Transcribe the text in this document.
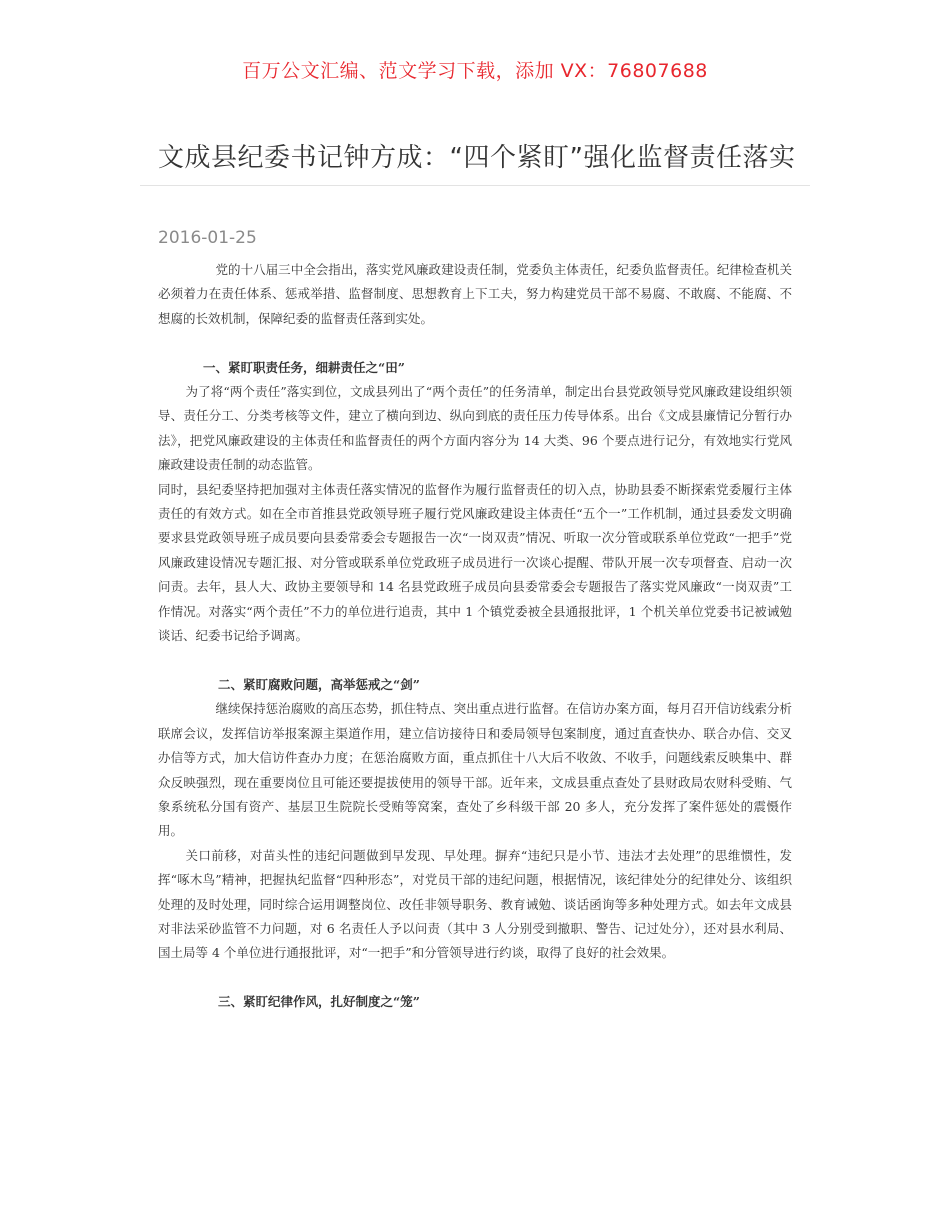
百万公文汇编、范文学习下载，添加 VX：76807688
文成县纪委书记钟方成：“四个紧盯”强化监督责任落实
2016-01-25

党的十八届三中全会指出，落实党风廉政建设责任制，党委负主体责任，纪委负监督责任。纪律检查机关必须着力在责任体系、惩戒举措、监督制度、思想教育上下工夫，努力构建党员干部不易腐、不敢腐、不能腐、不想腐的长效机制，保障纪委的监督责任落到实处。

一、紧盯职责任务，细耕责任之“田”

为了将“两个责任”落实到位，文成县列出了“两个责任”的任务清单，制定出台县党政领导党风廉政建设组织领导、责任分工、分类考核等文件，建立了横向到边、纵向到底的责任压力传导体系。出台《文成县廉情记分暂行办法》，把党风廉政建设的主体责任和监督责任的两个方面内容分为 14 大类、96 个要点进行记分，有效地实行党风廉政建设责任制的动态监管。

同时，县纪委坚持把加强对主体责任落实情况的监督作为履行监督责任的切入点，协助县委不断探索党委履行主体责任的有效方式。如在全市首推县党政领导班子履行党风廉政建设主体责任“五个一”工作机制，通过县委发文明确要求县党政领导班子成员要向县委常委会专题报告一次“一岗双责”情况、听取一次分管或联系单位党政“一把手”党风廉政建设情况专题汇报、对分管或联系单位党政班子成员进行一次谈心提醒、带队开展一次专项督查、启动一次问责。去年，县人大、政协主要领导和 14 名县党政班子成员向县委常委会专题报告了落实党风廉政“一岗双责”工作情况。对落实“两个责任”不力的单位进行追责，其中 1 个镇党委被全县通报批评，1 个机关单位党委书记被诫勉谈话、纪委书记给予调离。

二、紧盯腐败问题，高举惩戒之“剑”

继续保持惩治腐败的高压态势，抓住特点、突出重点进行监督。在信访办案方面，每月召开信访线索分析联席会议，发挥信访举报案源主渠道作用，建立信访接待日和委局领导包案制度，通过直查快办、联合办信、交叉办信等方式，加大信访件查办力度；在惩治腐败方面，重点抓住十八大后不收敛、不收手，问题线索反映集中、群众反映强烈，现在重要岗位且可能还要提拔使用的领导干部。近年来，文成县重点查处了县财政局农财科受贿、气象系统私分国有资产、基层卫生院院长受贿等窝案，查处了乡科级干部 20 多人，充分发挥了案件惩处的震慑作用。

关口前移，对苗头性的违纪问题做到早发现、早处理。摒弃“违纪只是小节、违法才去处理”的思维惯性，发挥“啄木鸟”精神，把握执纪监督“四种形态”，对党员干部的违纪问题，根据情况，该纪律处分的纪律处分、该组织处理的及时处理，同时综合运用调整岗位、改任非领导职务、教育诫勉、谈话函询等多种处理方式。如去年文成县对非法采砂监管不力问题，对 6 名责任人予以问责（其中 3 人分别受到撤职、警告、记过处分），还对县水利局、国土局等 4 个单位进行通报批评，对“一把手”和分管领导进行约谈，取得了良好的社会效果。

三、紧盯纪律作风，扎好制度之“笼”
